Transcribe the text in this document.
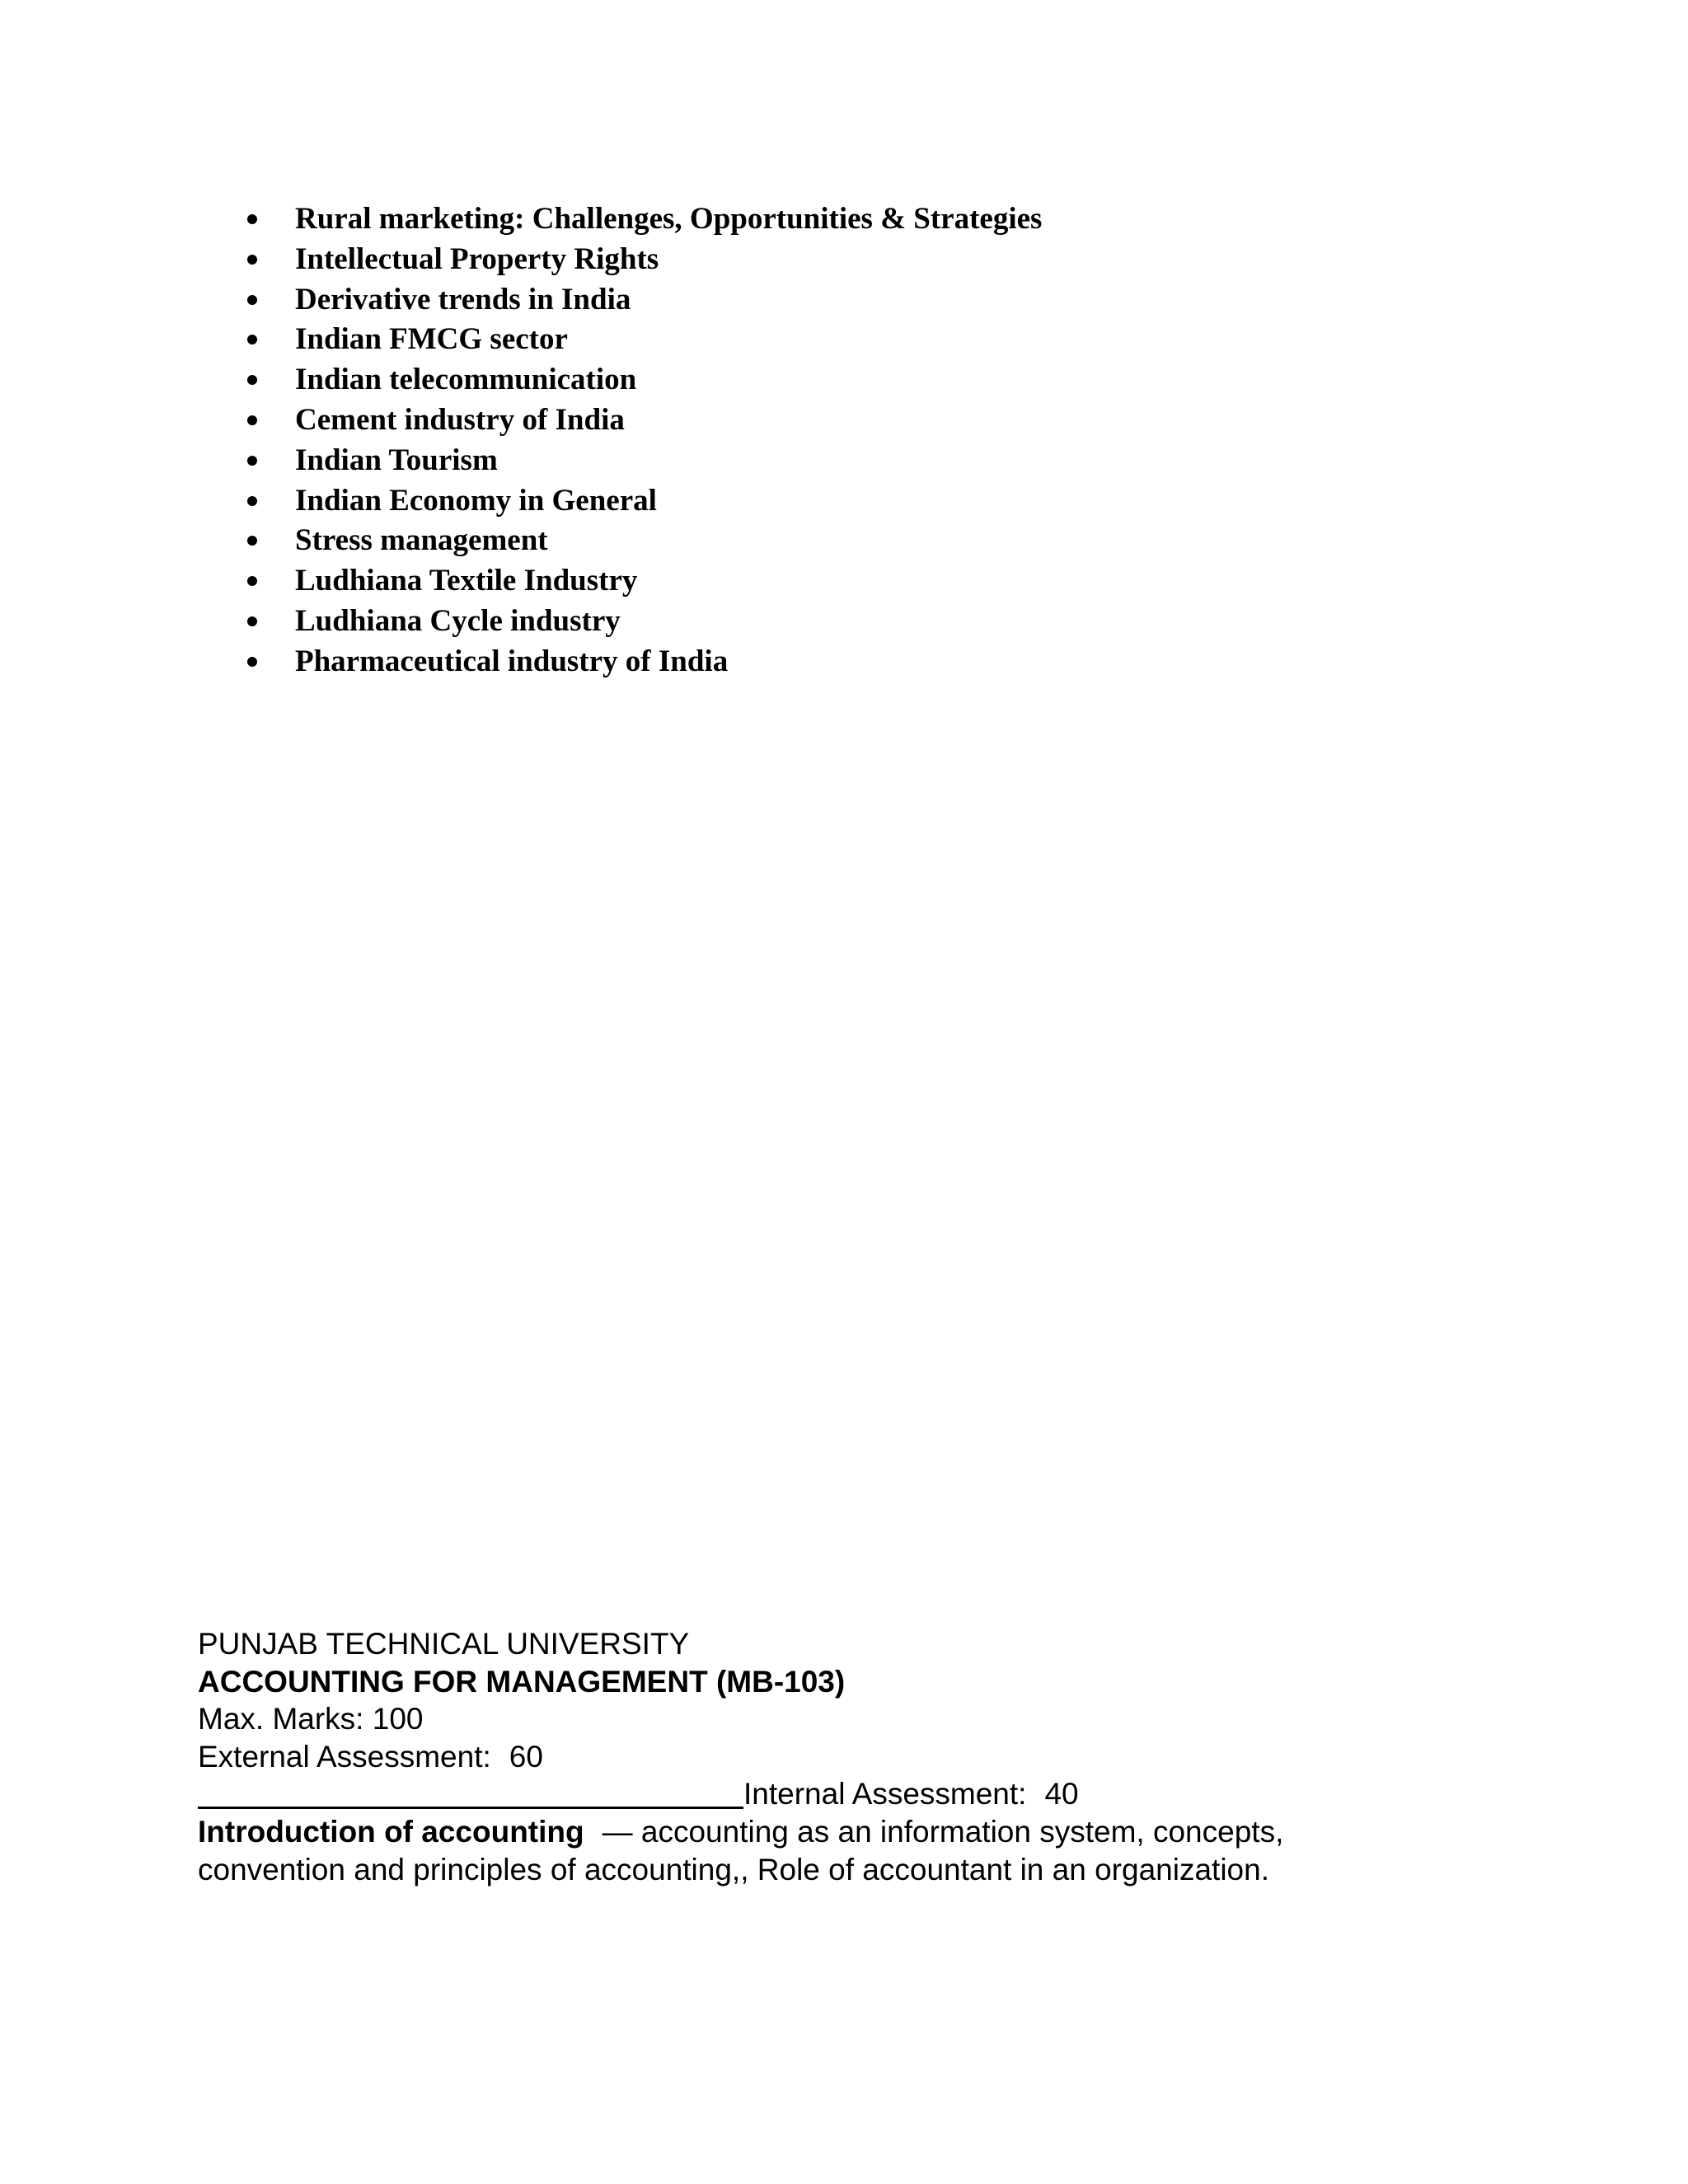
Rural marketing: Challenges, Opportunities & Strategies
Intellectual Property Rights
Derivative trends in India
Indian FMCG sector
Indian telecommunication
Cement industry of India
Indian Tourism
Indian Economy in General
Stress management
Ludhiana Textile Industry
Ludhiana Cycle industry
Pharmaceutical industry of India
PUNJAB TECHNICAL UNIVERSITY
ACCOUNTING FOR MANAGEMENT (MB-103)
Max. Marks: 100
External Assessment: 60
Internal Assessment: 40
Introduction of accounting — accounting as an information system, concepts,
convention and principles of accounting,, Role of accountant in an organization.
